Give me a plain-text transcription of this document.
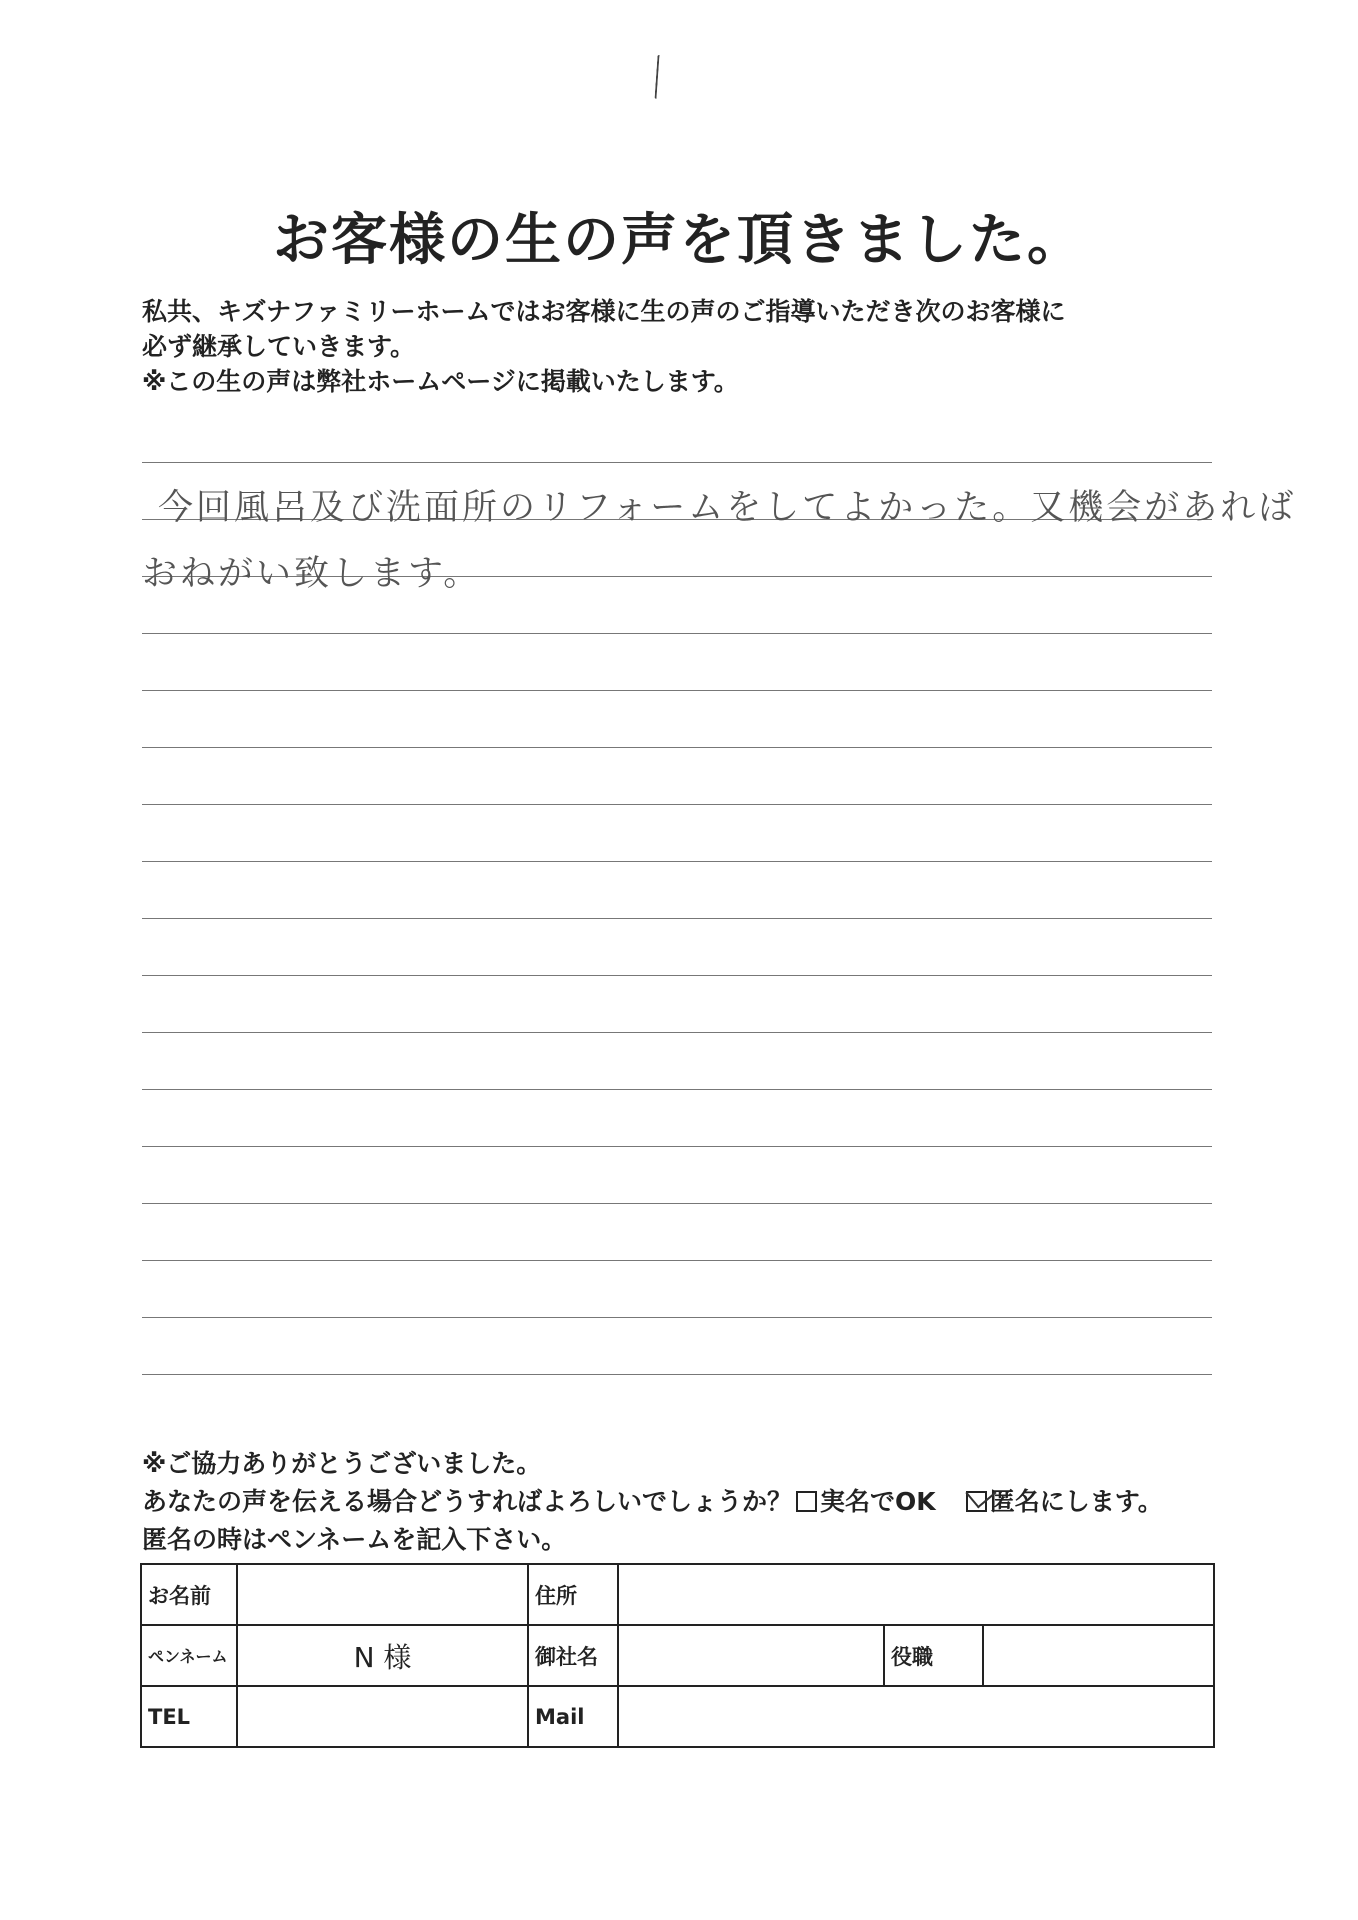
お客様の生の声を頂きました。
私共、キズナファミリーホームではお客様に生の声のご指導いただき次のお客様に
必ず継承していきます。
※この生の声は弊社ホームページに掲載いたします。
今回風呂及び洗面所のリフォームをしてよかった。又機会があれば
おねがい致します。
※ご協力ありがとうございました。
あなたの声を伝える場合どうすればよろしいでしょうか？ 実名でOK 匿名にします。
匿名の時はペンネームを記入下さい。
お名前		住所			
ペンネーム	N 様	御社名		役職	
TEL		Mail			
